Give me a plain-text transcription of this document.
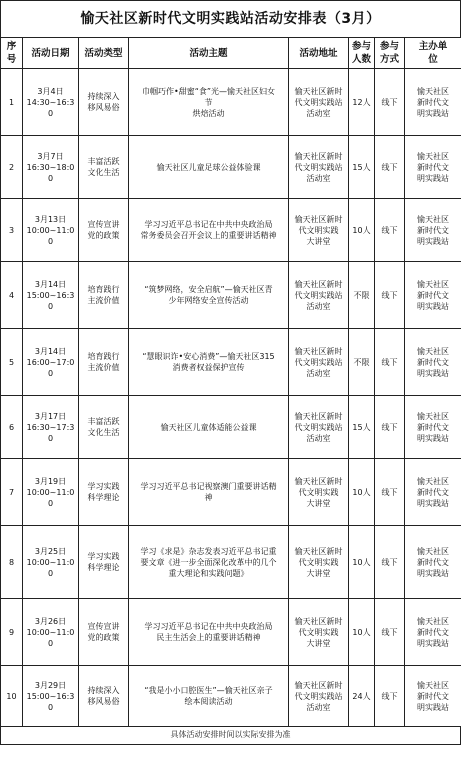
愉天社区新时代文明实践站活动安排表（3月）
序号	活动日期	活动类型	活动主题	活动地址	参与
人数	参与
方式	主办单
位

1	3月4日
14:30~16:30	持续深入
移风易俗	巾帼巧作•甜蜜“食”光—愉天社区妇女
节
烘焙活动	愉天社区新时
代文明实践站
活动室	12人	线下	愉天社区
新时代文
明实践站

2	3月7日
16:30~18:00	丰富活跃
文化生活	愉天社区儿童足球公益体验课	愉天社区新时
代文明实践站
活动室	15人	线下	愉天社区
新时代文
明实践站

3	3月13日
10:00~11:00	宣传宣讲
党的政策	学习习近平总书记在中共中央政治局
常务委员会召开会议上的重要讲话精神	愉天社区新时
代文明实践
大讲堂	10人	线下	愉天社区
新时代文
明实践站

4	3月14日
15:00~16:30	培育践行
主流价值	“筑梦网络，安全启航”—愉天社区青
少年网络安全宣传活动	愉天社区新时
代文明实践站
活动室	不限	线下	愉天社区
新时代文
明实践站

5	3月14日
16:00~17:00	培育践行
主流价值	“慧眼识诈•安心消费”—愉天社区315
消费者权益保护宣传	愉天社区新时
代文明实践站
活动室	不限	线下	愉天社区
新时代文
明实践站

6	3月17日
16:30~17:30	丰富活跃
文化生活	愉天社区儿童体适能公益课	愉天社区新时
代文明实践站
活动室	15人	线下	愉天社区
新时代文
明实践站

7	3月19日
10:00~11:00	学习实践
科学理论	学习习近平总书记视察澳门重要讲话精
神	愉天社区新时
代文明实践
大讲堂	10人	线下	愉天社区
新时代文
明实践站

8	3月25日
10:00~11:00	学习实践
科学理论	学习《求是》杂志发表习近平总书记重
要文章《进一步全面深化改革中的几个
重大理论和实践问题》	愉天社区新时
代文明实践
大讲堂	10人	线下	愉天社区
新时代文
明实践站

9	3月26日
10:00~11:00	宣传宣讲
党的政策	学习习近平总书记在中共中央政治局
民主生活会上的重要讲话精神	愉天社区新时
代文明实践
大讲堂	10人	线下	愉天社区
新时代文
明实践站

10	3月29日
15:00~16:30	持续深入
移风易俗	“我是小小口腔医生”—愉天社区亲子
绘本阅读活动	愉天社区新时
代文明实践站
活动室	24人	线下	愉天社区
新时代文
明实践站
具体活动安排时间以实际安排为准
